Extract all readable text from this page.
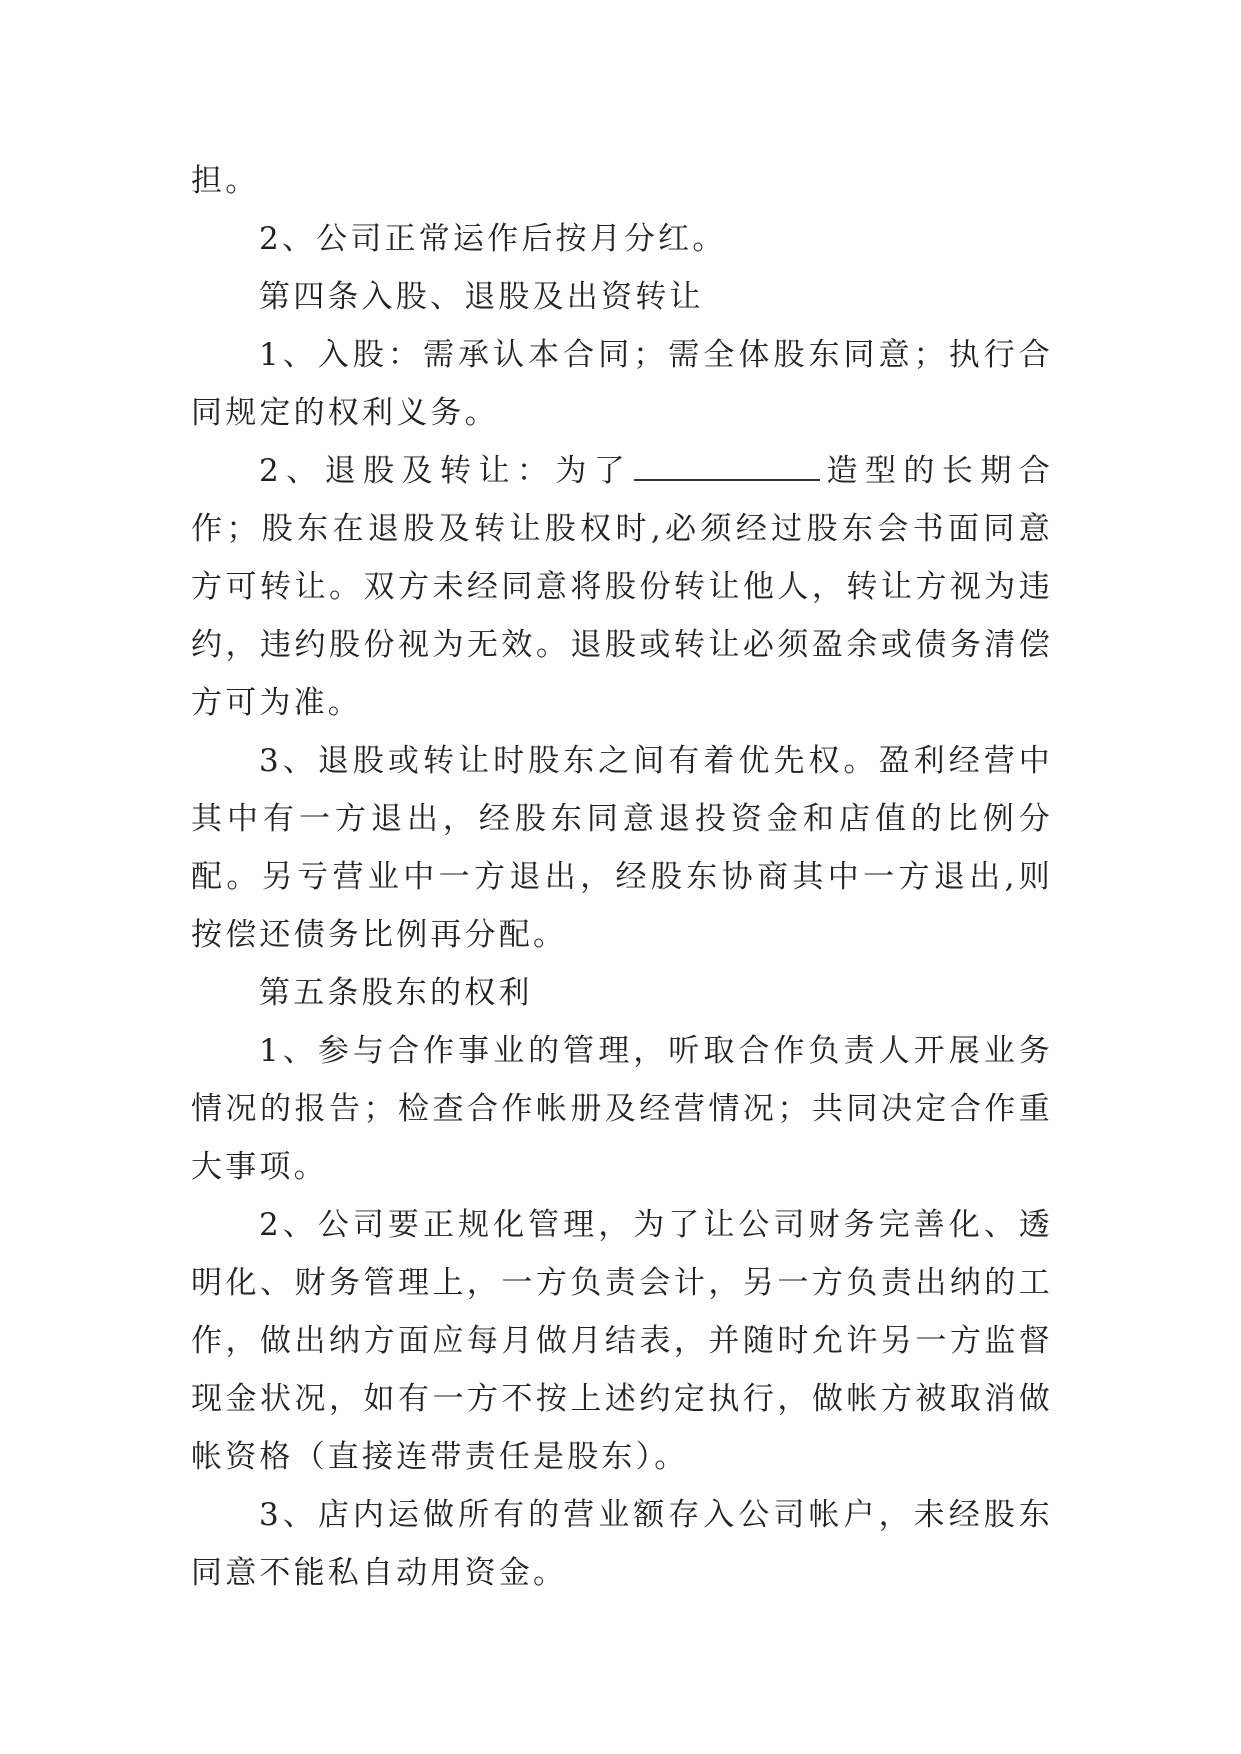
担。

2、公司正常运作后按月分红。

第四条入股、退股及出资转让

1、入股：需承认本合同；需全体股东同意；执行合同规定的权利义务。

2、退股及转让：为了	造型的长期合作；股东在退股及转让股权时,必须经过股东会书面同意方可转让。双方未经同意将股份转让他人，转让方视为违约，违约股份视为无效。退股或转让必须盈余或债务清偿方可为准。

3、退股或转让时股东之间有着优先权。盈利经营中其中有一方退出，经股东同意退投资金和店值的比例分配。另亏营业中一方退出，经股东协商其中一方退出,则按偿还债务比例再分配。

第五条股东的权利

1、参与合作事业的管理，听取合作负责人开展业务情况的报告；检查合作帐册及经营情况；共同决定合作重大事项。

2、公司要正规化管理，为了让公司财务完善化、透明化、财务管理上，一方负责会计，另一方负责出纳的工作，做出纳方面应每月做月结表，并随时允许另一方监督现金状况，如有一方不按上述约定执行，做帐方被取消做帐资格（直接连带责任是股东）。

3、店内运做所有的营业额存入公司帐户，未经股东同意不能私自动用资金。
